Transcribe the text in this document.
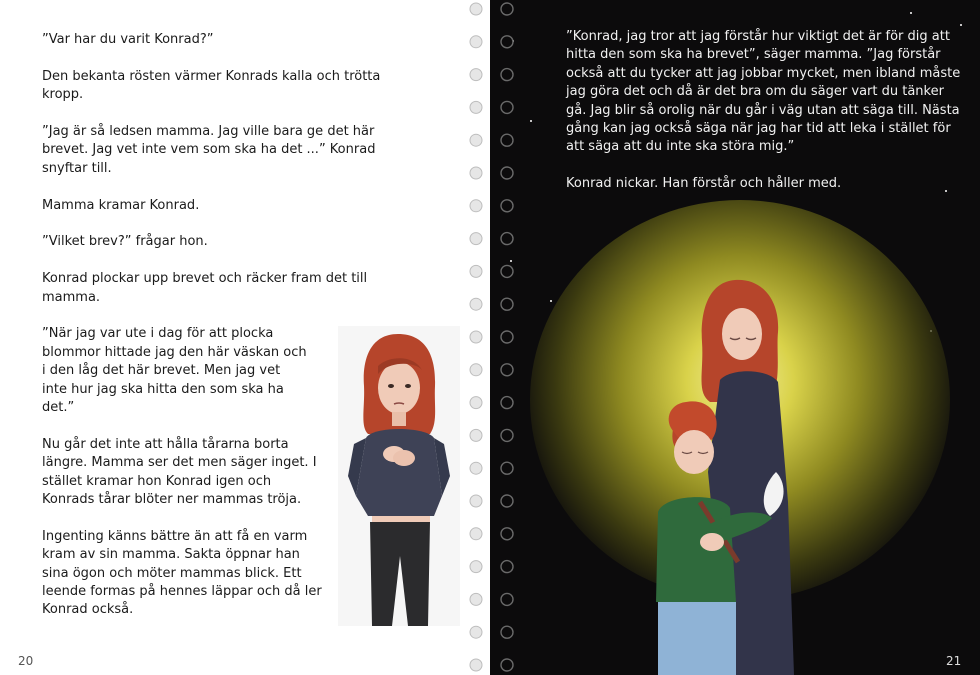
”Var har du varit Konrad?”

Den bekanta rösten värmer Konrads kalla och trötta kropp.

”Jag är så ledsen mamma. Jag ville bara ge det här brevet. Jag vet inte vem som ska ha det ...” Konrad snyftar till.

Mamma kramar Konrad.

”Vilket brev?” frågar hon.

Konrad plockar upp brevet och räcker fram det till mamma.

”När jag var ute i dag för att plocka blommor hittade jag den här väskan och i den låg det här brevet. Men jag vet inte hur jag ska hitta den som ska ha det.”

Nu går det inte att hålla tårarna borta längre. Mamma ser det men säger inget. I stället kramar hon Konrad igen och Konrads tårar blöter ner mammas tröja.

Ingenting känns bättre än att få en varm kram av sin mamma. Sakta öppnar han sina ögon och möter mammas blick. Ett leende formas på hennes läppar och då ler Konrad också.

20

”Konrad, jag tror att jag förstår hur viktigt det är för dig att hitta den som ska ha brevet”, säger mamma. ”Jag förstår också att du tycker att jag jobbar mycket, men ibland måste jag göra det och då är det bra om du säger vart du tänker gå. Jag blir så orolig när du går i väg utan att säga till. Nästa gång kan jag också säga när jag har tid att leka i stället för att säga att du inte ska störa mig.”

Konrad nickar. Han förstår och håller med.

21
